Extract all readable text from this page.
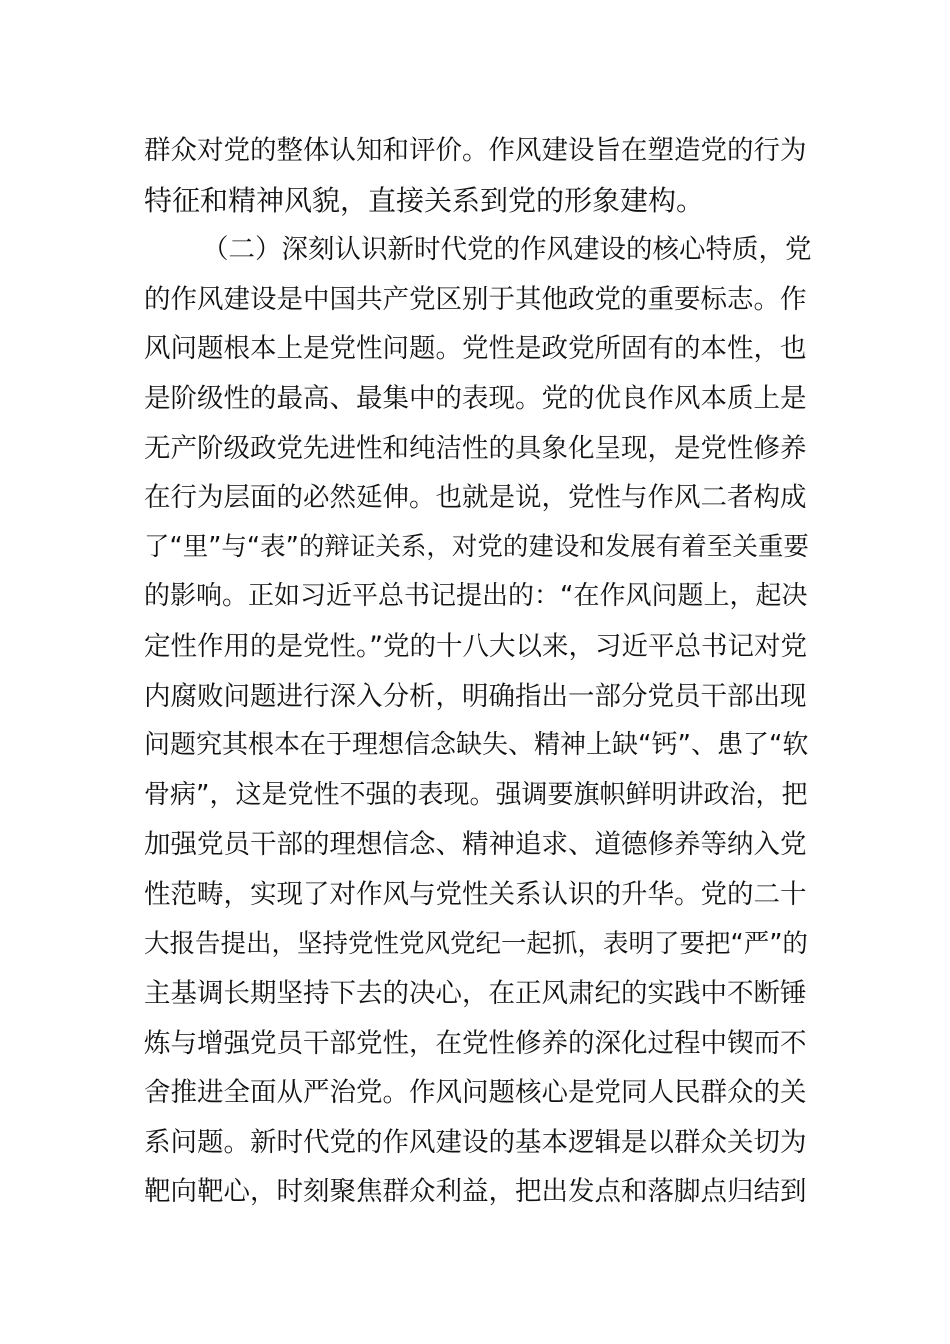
群众对党的整体认知和评价。作风建设旨在塑造党的行为
特征和精神风貌，直接关系到党的形象建构。
（二）深刻认识新时代党的作风建设的核心特质，党
的作风建设是中国共产党区别于其他政党的重要标志。作
风问题根本上是党性问题。党性是政党所固有的本性，也
是阶级性的最高、最集中的表现。党的优良作风本质上是
无产阶级政党先进性和纯洁性的具象化呈现，是党性修养
在行为层面的必然延伸。也就是说，党性与作风二者构成
了“里”与“表”的辩证关系，对党的建设和发展有着至关重要
的影响。正如习近平总书记提出的：“在作风问题上，起决
定性作用的是党性。”党的十八大以来，习近平总书记对党
内腐败问题进行深入分析，明确指出一部分党员干部出现
问题究其根本在于理想信念缺失、精神上缺“钙”、患了“软
骨病”，这是党性不强的表现。强调要旗帜鲜明讲政治，把
加强党员干部的理想信念、精神追求、道德修养等纳入党
性范畴，实现了对作风与党性关系认识的升华。党的二十
大报告提出，坚持党性党风党纪一起抓，表明了要把“严”的
主基调长期坚持下去的决心，在正风肃纪的实践中不断锤
炼与增强党员干部党性，在党性修养的深化过程中锲而不
舍推进全面从严治党。作风问题核心是党同人民群众的关
系问题。新时代党的作风建设的基本逻辑是以群众关切为
靶向靶心，时刻聚焦群众利益，把出发点和落脚点归结到
